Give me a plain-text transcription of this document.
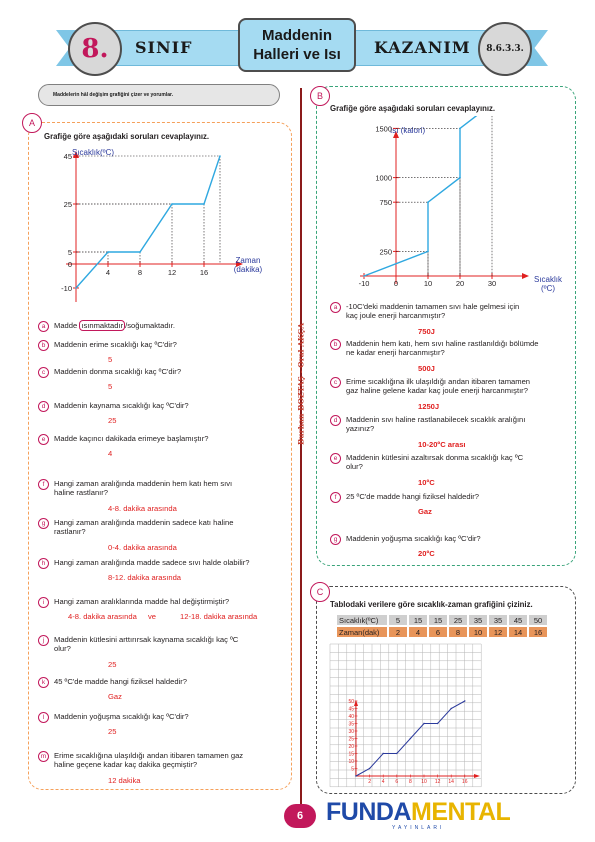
8. SINIF
Maddenin
Halleri ve Isı KAZANIM 8.6.3.3.
Maddelerin hâl değişim grafiğini çizer ve yorumlar.
Burhan BOZTAŞ - Oral AKÇA
A
Grafiğe göre aşağıdaki soruları cevaplayınız.
Sıcaklık(ºC)
Zaman
(dakika)
45
25
5
0
-10
4	8	12	16
a	Madde ısınmaktadır /soğumaktadır.
b	Maddenin erime sıcaklığı kaç ºC'dir?
5
c	Maddenin donma sıcaklığı kaç ºC'dir?
5
d	Maddenin kaynama sıcaklığı kaç ºC'dir?
25
e	Madde kaçıncı dakikada erimeye başlamıştır?
4
f	Hangi zaman aralığında maddenin hem katı hem sıvı
haline rastlanır?
4-8. dakika arasında
g	Hangi zaman aralığında maddenin sadece katı haline
rastlanır?
0-4. dakika arasında
h	Hangi zaman aralığında madde sadece sıvı halde olabilir?
8-12. dakika arasında
i	Hangi zaman aralıklarında madde hal değiştirmiştir?
4-8. dakika arasında ve	12-18. dakika arasında
j	Maddenin kütlesini arttırırsak kaynama sıcaklığı kaç ºC
olur?
25
k	45 ºC'de madde hangi fiziksel haldedir?
Gaz
l	Maddenin yoğuşma sıcaklığı kaç ºC'dir?
25
m	Erime sıcaklığına ulaşıldığı andan itibaren tamamen gaz
haline geçene kadar kaç dakika geçmiştir?
12 dakika
B
Grafiğe göre aşağıdaki soruları cevaplayınız.
Isı (kalori)
Sıcaklık
(ºC)
1500
1000
750
250
-10	0	10	20	30
a	-10C'deki maddenin tamamen sıvı hale gelmesi için
kaç joule enerji harcanmıştır?
750J
b	Maddenin hem katı, hem sıvı haline rastlanıldığı bölümde
ne kadar enerji harcanmıştır?
500J
c	Erime sıcaklığına ilk ulaşıldığı andan itibaren tamamen
gaz haline gelene kadar kaç joule enerji harcanmıştır?
1250J
d	Maddenin sıvı haline rastlanabilecek sıcaklık aralığını
yazınız?
10-20ºC arası
e	Maddenin kütlesini azaltırsak donma sıcaklığı kaç ºC
olur?
10ºC
f	25 ºC'de madde hangi fiziksel haldedir?
Gaz
g	Maddenin yoğuşma sıcaklığı kaç ºC'dir?
20ºC
C
Tablodaki verilere göre sıcaklık-zaman grafiğini çiziniz.
Sıcaklık(ºC)	5	15	15	25	35	35	45	50
Zaman(dak)	2	4	6	8	10	12	14	16
50
45
40
35
30
25
20
15
10
5
2 4 6 8 10 12 14 16
6 FUNDAMENTAL
YAYINLARI
